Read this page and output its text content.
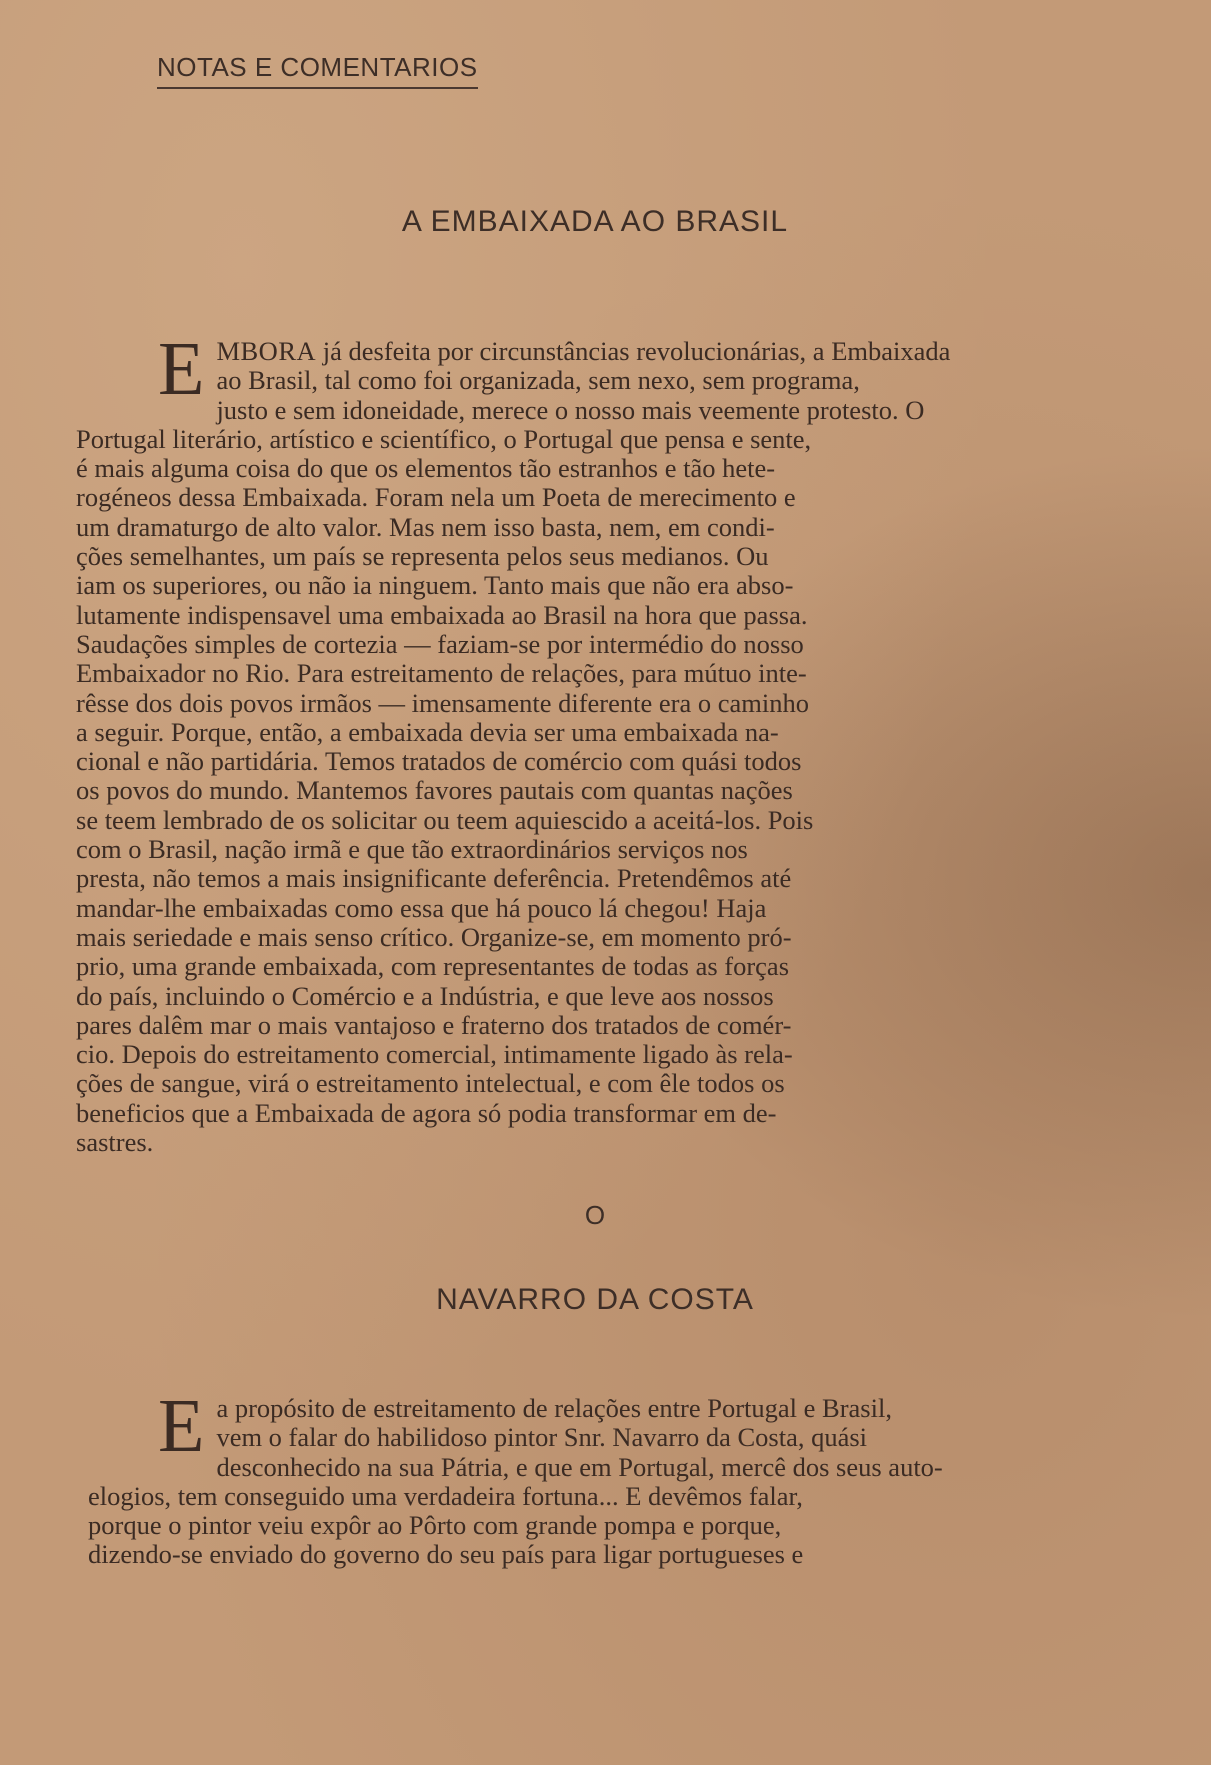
NOTAS E COMENTARIOS
A EMBAIXADA AO BRASIL
E MBORA já desfeita por circunstâncias revolucionárias, a Embaixada
ao Brasil, tal como foi organizada, sem nexo, sem programa,
justo e sem idoneidade, merece o nosso mais veemente protesto. O
Portugal literário, artístico e scientífico, o Portugal que pensa e sente,
é mais alguma coisa do que os elementos tão estranhos e tão hete-
rogéneos dessa Embaixada. Foram nela um Poeta de merecimento e
um dramaturgo de alto valor. Mas nem isso basta, nem, em condi-
ções semelhantes, um país se representa pelos seus medianos. Ou
iam os superiores, ou não ia ninguem. Tanto mais que não era abso-
lutamente indispensavel uma embaixada ao Brasil na hora que passa.
Saudações simples de cortezia — faziam-se por intermédio do nosso
Embaixador no Rio. Para estreitamento de relações, para mútuo inte-
rêsse dos dois povos irmãos — imensamente diferente era o caminho
a seguir. Porque, então, a embaixada devia ser uma embaixada na-
cional e não partidária. Temos tratados de comércio com quási todos
os povos do mundo. Mantemos favores pautais com quantas nações
se teem lembrado de os solicitar ou teem aquiescido a aceitá-los. Pois
com o Brasil, nação irmã e que tão extraordinários serviços nos
presta, não temos a mais insignificante deferência. Pretendêmos até
mandar-lhe embaixadas como essa que há pouco lá chegou! Haja
mais seriedade e mais senso crítico. Organize-se, em momento pró-
prio, uma grande embaixada, com representantes de todas as forças
do país, incluindo o Comércio e a Indústria, e que leve aos nossos
pares dalêm mar o mais vantajoso e fraterno dos tratados de comér-
cio. Depois do estreitamento comercial, intimamente ligado às rela-
ções de sangue, virá o estreitamento intelectual, e com êle todos os
beneficios que a Embaixada de agora só podia transformar em de-
sastres.
O
NAVARRO DA COSTA
E a propósito de estreitamento de relações entre Portugal e Brasil,
vem o falar do habilidoso pintor Snr. Navarro da Costa, quási
desconhecido na sua Pátria, e que em Portugal, mercê dos seus auto-
elogios, tem conseguido uma verdadeira fortuna... E devêmos falar,
porque o pintor veiu expôr ao Pôrto com grande pompa e porque,
dizendo-se enviado do governo do seu país para ligar portugueses e
